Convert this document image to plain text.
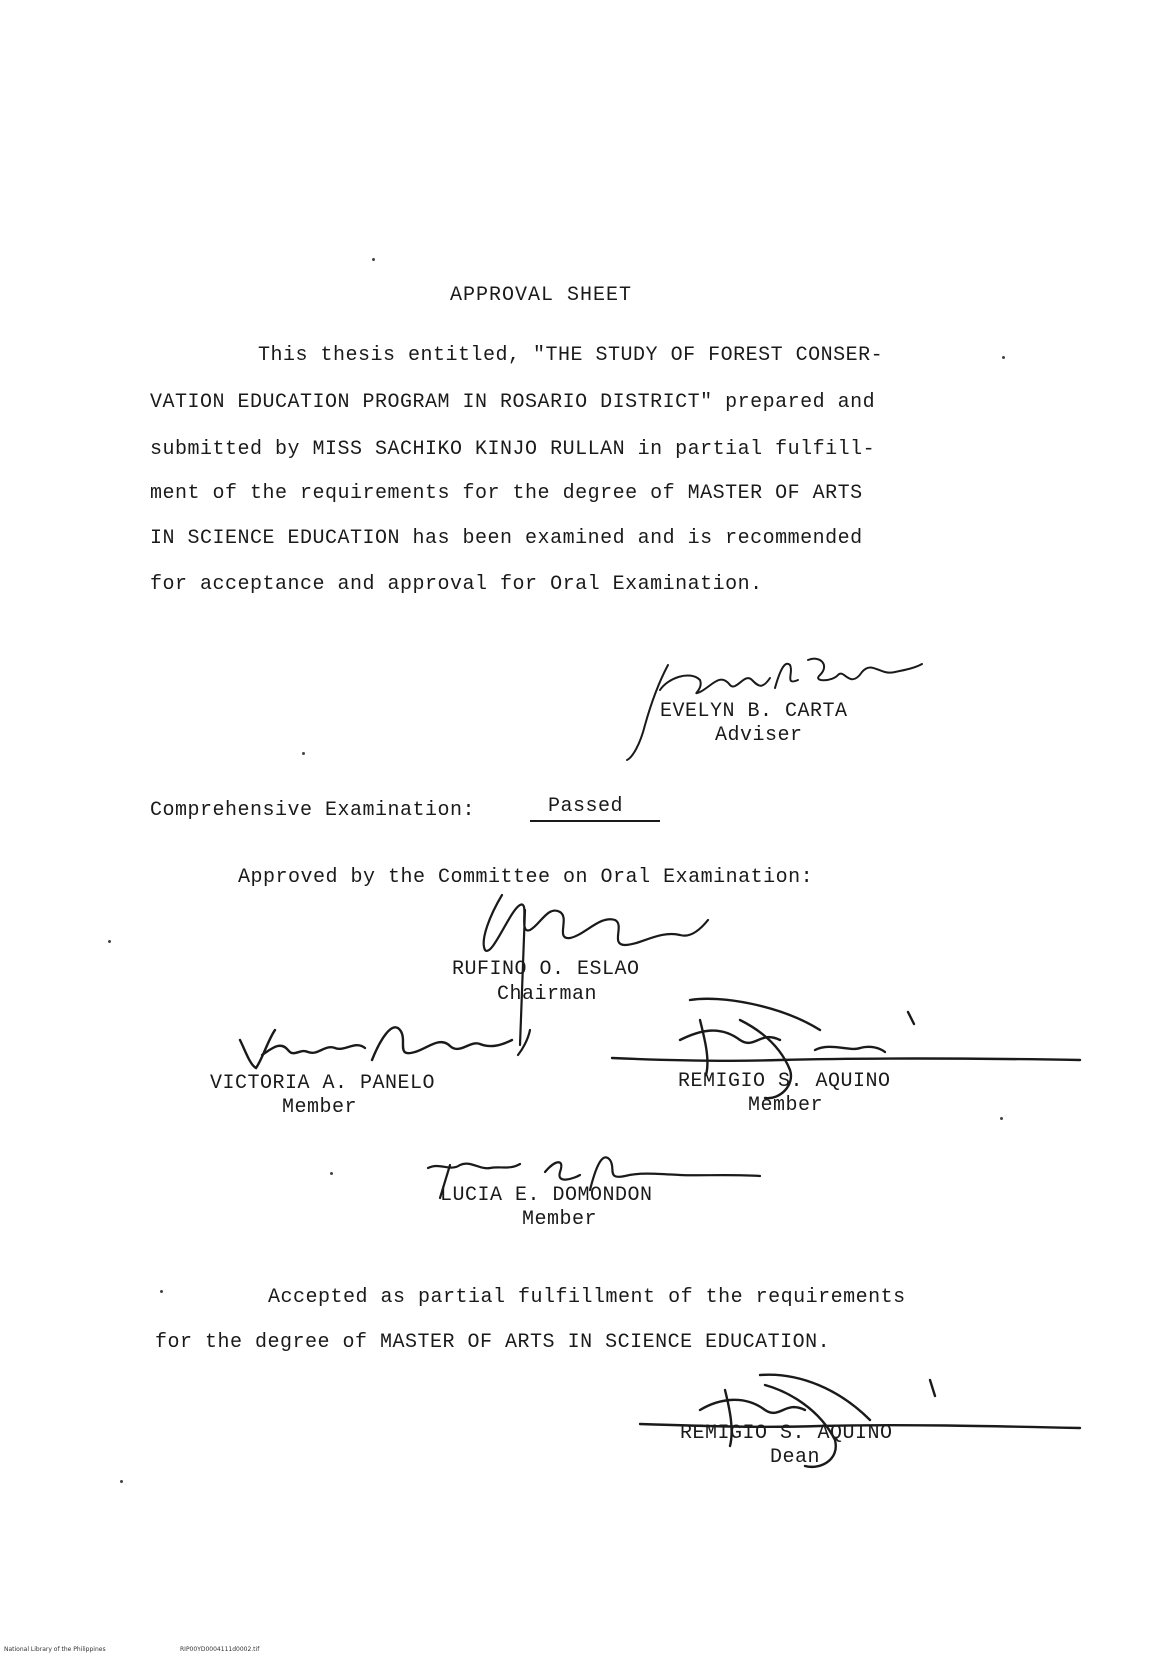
APPROVAL SHEET
This thesis entitled, "THE STUDY OF FOREST CONSER-
VATION EDUCATION PROGRAM IN ROSARIO DISTRICT" prepared and
submitted by MISS SACHIKO KINJO RULLAN in partial fulfill-
ment of the requirements for the degree of MASTER OF ARTS
IN SCIENCE EDUCATION has been examined and is recommended
for acceptance and approval for Oral Examination.
EVELYN B. CARTA
Adviser
Comprehensive Examination:	Passed
Approved by the Committee on Oral Examination:
RUFINO O. ESLAO
Chairman
VICTORIA A. PANELO
Member
REMIGIO S. AQUINO
Member
LUCIA E. DOMONDON
Member
Accepted as partial fulfillment of the requirements
for the degree of MASTER OF ARTS IN SCIENCE EDUCATION.
REMIGIO S. AQUINO
Dean
National Library of the Philippines	RIP00YD0004111d0002.tif
